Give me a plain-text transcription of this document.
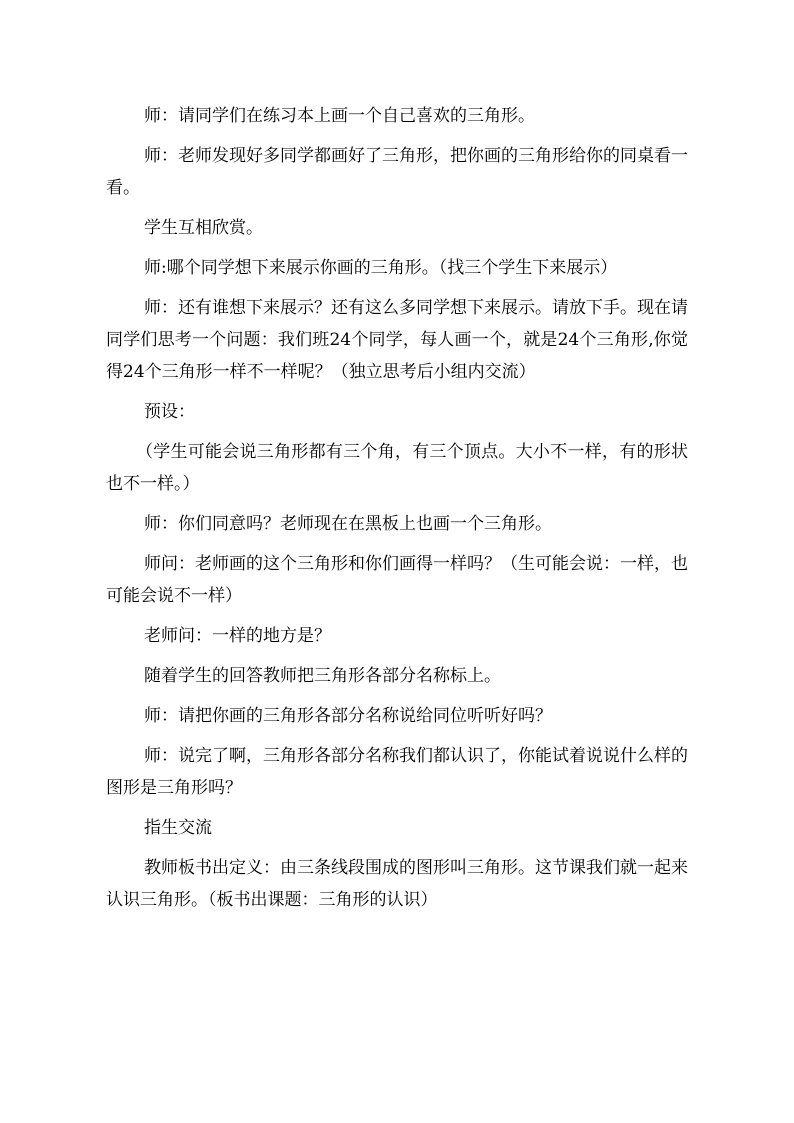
师：请同学们在练习本上画一个自己喜欢的三角形。

师：老师发现好多同学都画好了三角形，把你画的三角形给你的同桌看一看。

学生互相欣赏。

师:哪个同学想下来展示你画的三角形。（找三个学生下来展示）

师：还有谁想下来展示？还有这么多同学想下来展示。请放下手。现在请同学们思考一个问题：我们班24个同学，每人画一个，就是24个三角形,你觉得24个三角形一样不一样呢？（独立思考后小组内交流）

预设：

（学生可能会说三角形都有三个角，有三个顶点。大小不一样，有的形状也不一样。）

师：你们同意吗？老师现在在黑板上也画一个三角形。

师问：老师画的这个三角形和你们画得一样吗？（生可能会说：一样，也可能会说不一样）

老师问：一样的地方是？

随着学生的回答教师把三角形各部分名称标上。

师：请把你画的三角形各部分名称说给同位听听好吗？

师：说完了啊，三角形各部分名称我们都认识了，你能试着说说什么样的图形是三角形吗？

指生交流

教师板书出定义：由三条线段围成的图形叫三角形。这节课我们就一起来认识三角形。（板书出课题：三角形的认识）
